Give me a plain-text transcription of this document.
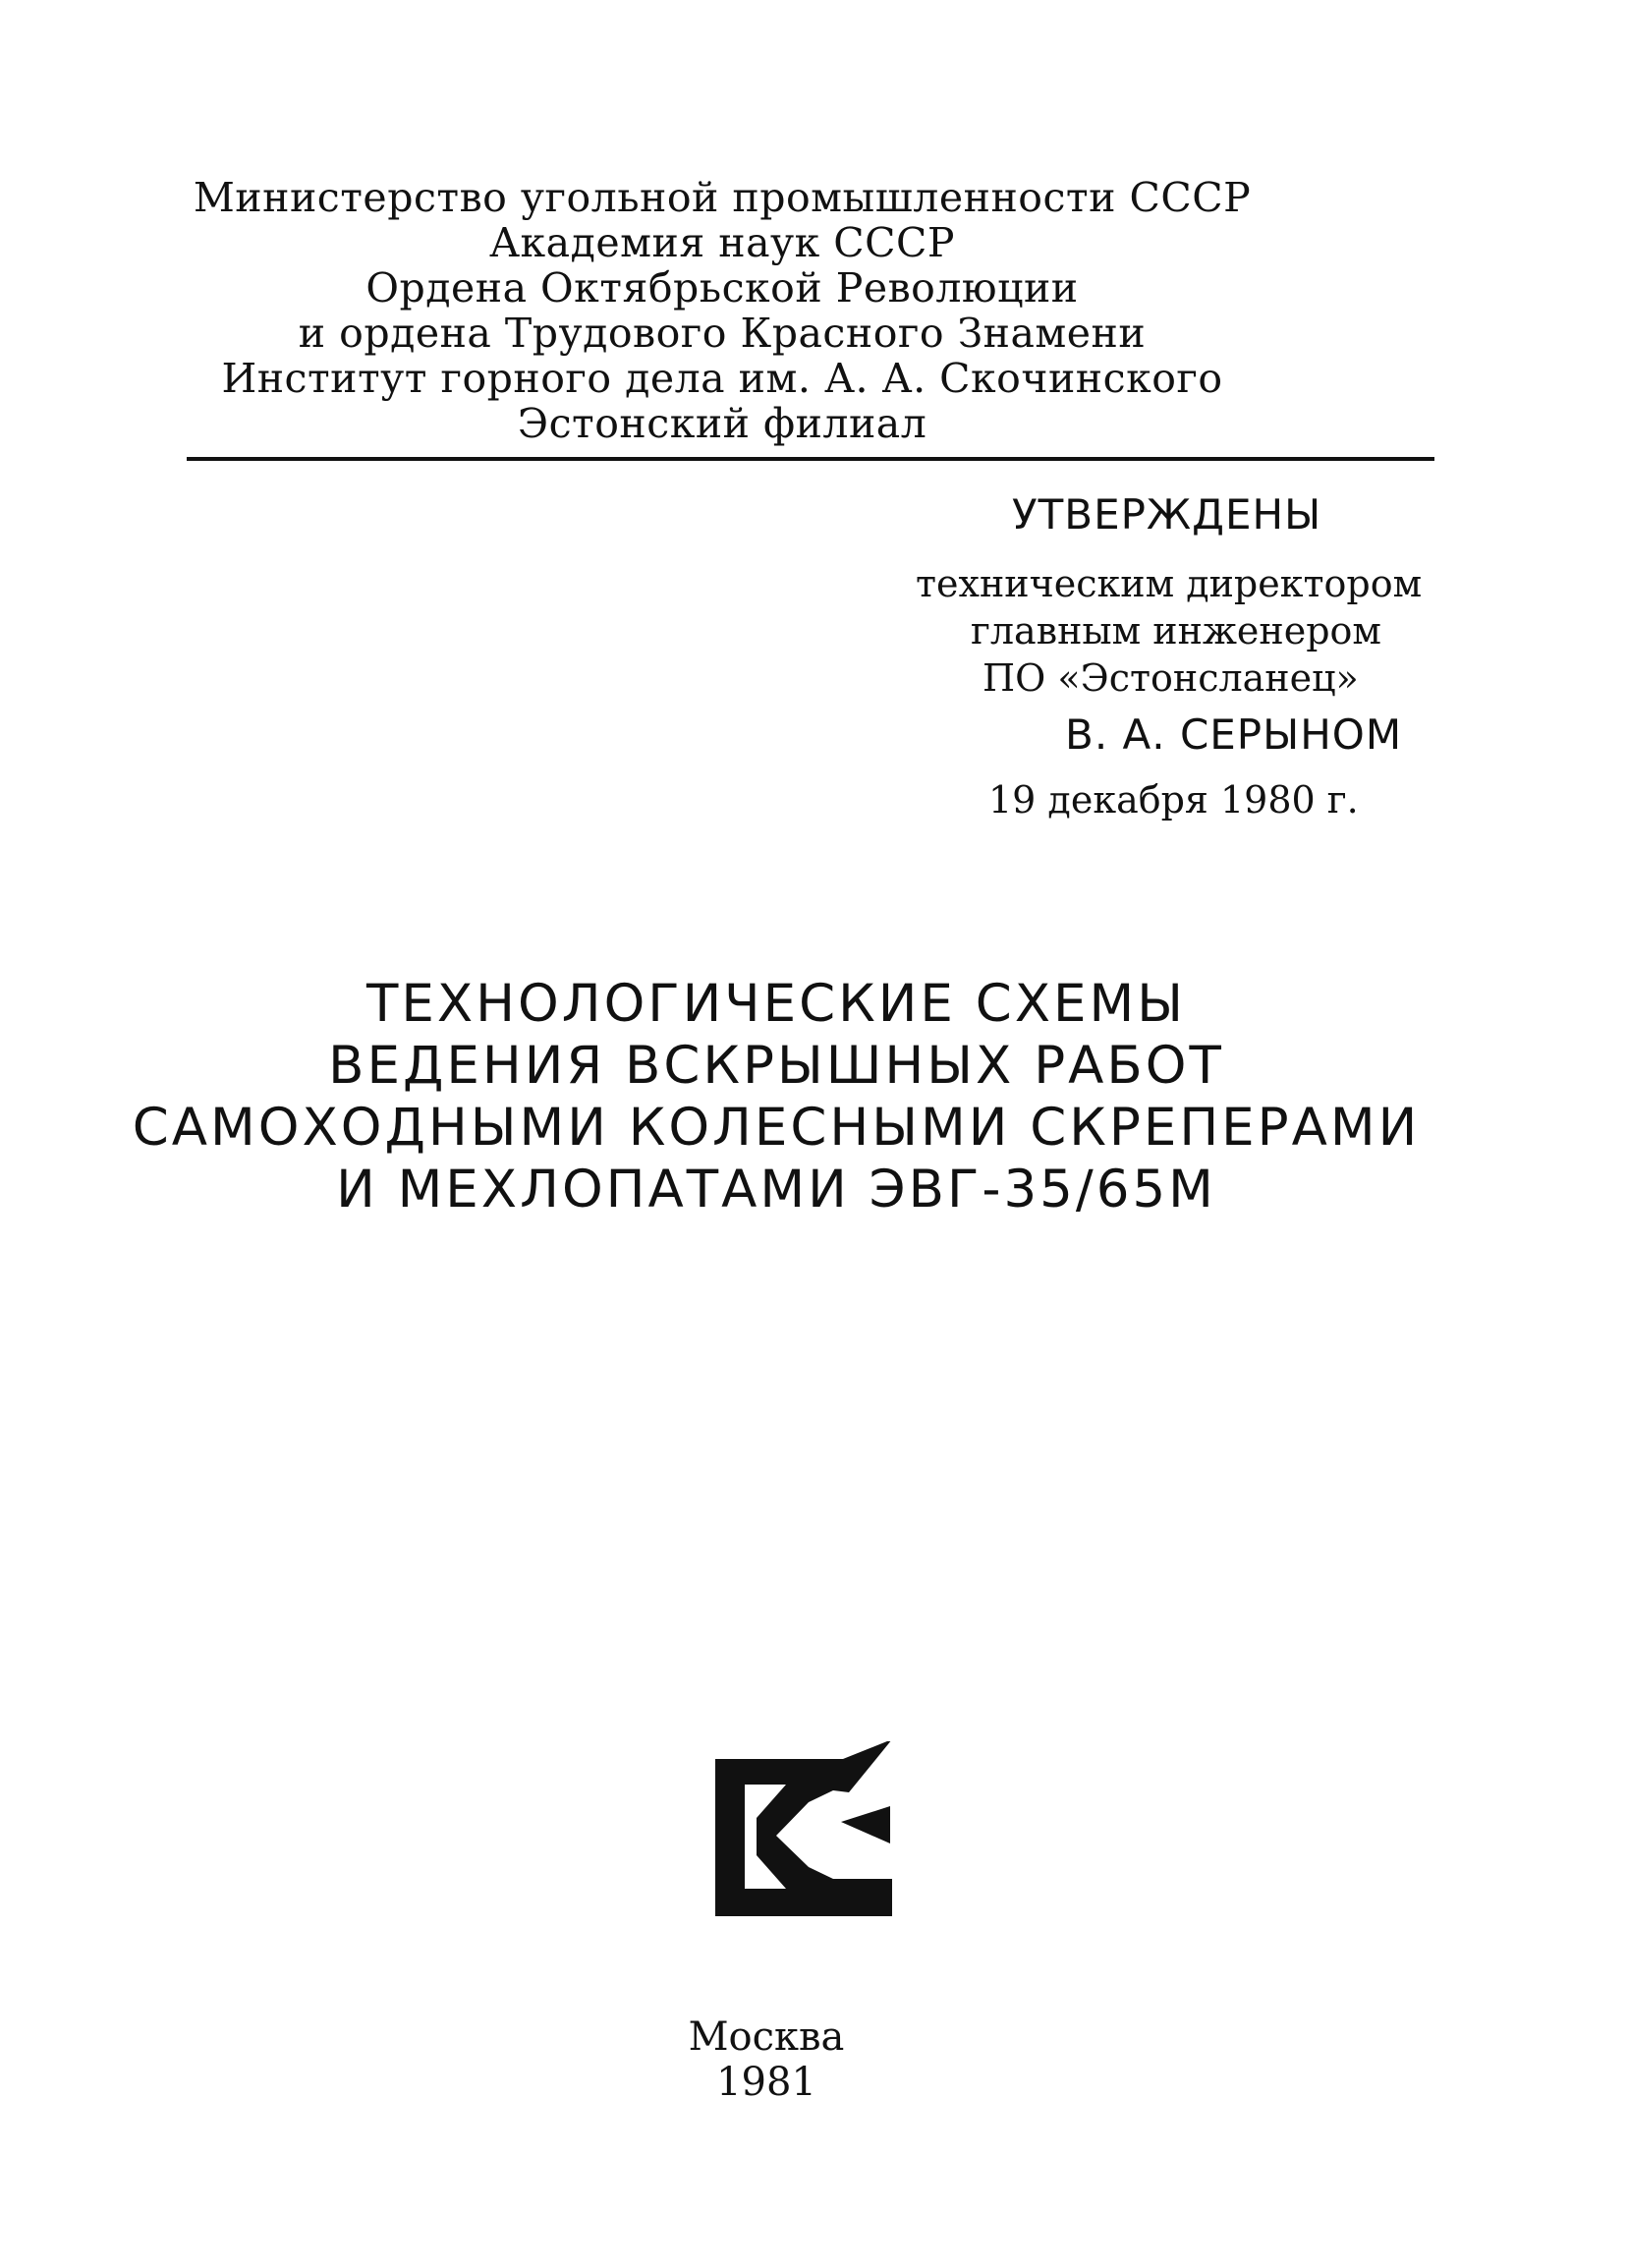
Министерство угольной промышленности СССР
Академия наук СССР
Ордена Октябрьской Революции
и ордена Трудового Красного Знамени
Институт горного дела им. А. А. Скочинского
Эстонский филиал
УТВЕРЖДЕНЫ
техническим директором
главным инженером
ПО «Эстонсланец»
В. А. СЕРЫНОМ
19 декабря 1980 г.
ТЕХНОЛОГИЧЕСКИЕ СХЕМЫ
ВЕДЕНИЯ ВСКРЫШНЫХ РАБОТ
САМОХОДНЫМИ КОЛЕСНЫМИ СКРЕПЕРАМИ
И МЕХЛОПАТАМИ ЭВГ-35/65М
Москва
1981
